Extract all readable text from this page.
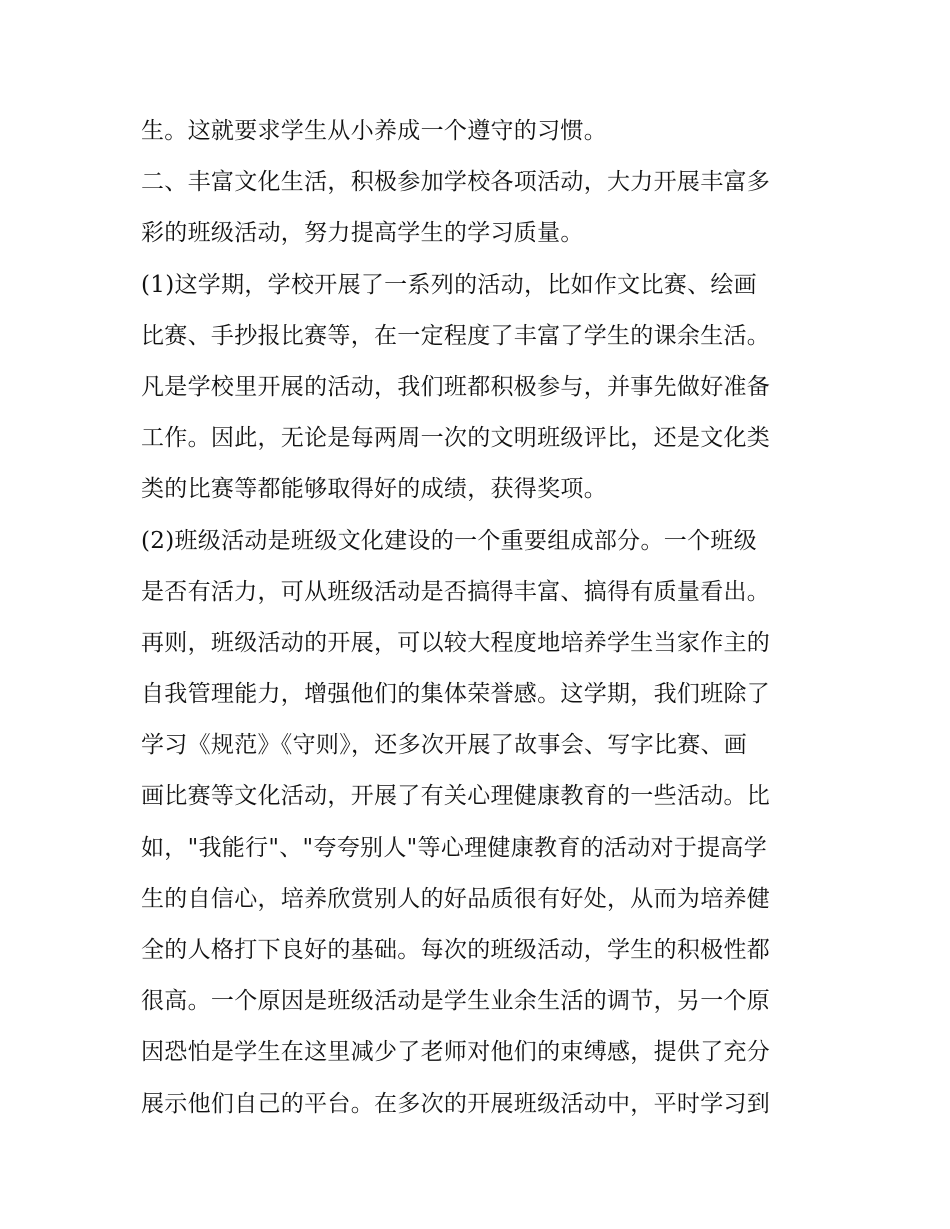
生。这就要求学生从小养成一个遵守的习惯。
二、丰富文化生活，积极参加学校各项活动，大力开展丰富多
彩的班级活动，努力提高学生的学习质量。
(1)这学期，学校开展了一系列的活动，比如作文比赛、绘画
比赛、手抄报比赛等，在一定程度了丰富了学生的课余生活。
凡是学校里开展的活动，我们班都积极参与，并事先做好准备
工作。因此，无论是每两周一次的文明班级评比，还是文化类
类的比赛等都能够取得好的成绩，获得奖项。
(2)班级活动是班级文化建设的一个重要组成部分。一个班级
是否有活力，可从班级活动是否搞得丰富、搞得有质量看出。
再则，班级活动的开展，可以较大程度地培养学生当家作主的
自我管理能力，增强他们的集体荣誉感。这学期，我们班除了
学习《规范》《守则》，还多次开展了故事会、写字比赛、画
画比赛等文化活动，开展了有关心理健康教育的一些活动。比
如，"我能行"、"夸夸别人"等心理健康教育的活动对于提高学
生的自信心，培养欣赏别人的好品质很有好处，从而为培养健
全的人格打下良好的基础。每次的班级活动，学生的积极性都
很高。一个原因是班级活动是学生业余生活的调节，另一个原
因恐怕是学生在这里减少了老师对他们的束缚感，提供了充分
展示他们自己的平台。在多次的开展班级活动中，平时学习到
